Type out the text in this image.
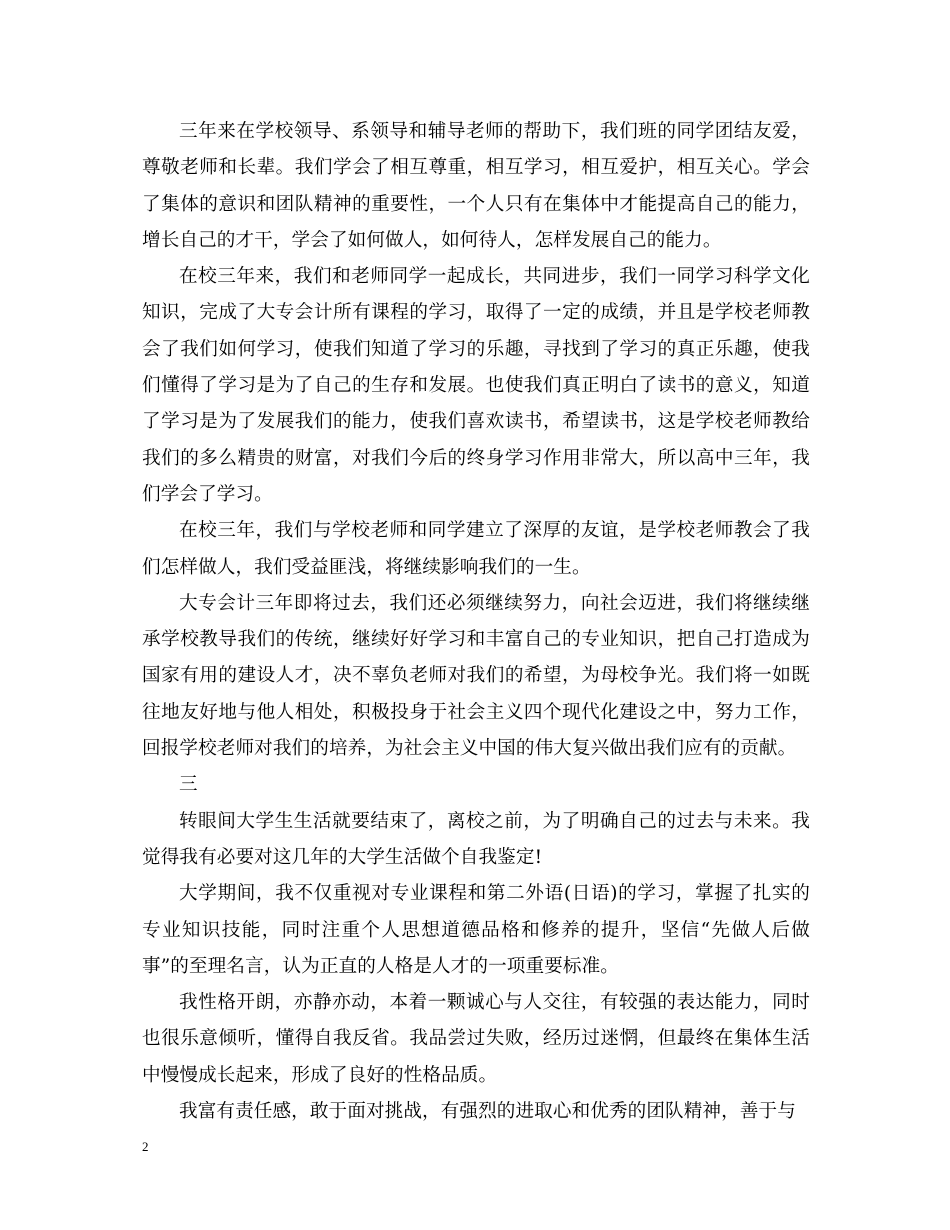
三年来在学校领导、系领导和辅导老师的帮助下，我们班的同学团结友爱，尊敬老师和长辈。我们学会了相互尊重，相互学习，相互爱护，相互关心。学会了集体的意识和团队精神的重要性，一个人只有在集体中才能提高自己的能力，增长自己的才干，学会了如何做人，如何待人，怎样发展自己的能力。

在校三年来，我们和老师同学一起成长，共同进步，我们一同学习科学文化知识，完成了大专会计所有课程的学习，取得了一定的成绩，并且是学校老师教会了我们如何学习，使我们知道了学习的乐趣，寻找到了学习的真正乐趣，使我们懂得了学习是为了自己的生存和发展。也使我们真正明白了读书的意义，知道了学习是为了发展我们的能力，使我们喜欢读书，希望读书，这是学校老师教给我们的多么精贵的财富，对我们今后的终身学习作用非常大，所以高中三年，我们学会了学习。

在校三年，我们与学校老师和同学建立了深厚的友谊，是学校老师教会了我们怎样做人，我们受益匪浅，将继续影响我们的一生。

大专会计三年即将过去，我们还必须继续努力，向社会迈进，我们将继续继承学校教导我们的传统，继续好好学习和丰富自己的专业知识，把自己打造成为国家有用的建设人才，决不辜负老师对我们的希望，为母校争光。我们将一如既往地友好地与他人相处，积极投身于社会主义四个现代化建设之中，努力工作，回报学校老师对我们的培养，为社会主义中国的伟大复兴做出我们应有的贡献。

三

转眼间大学生生活就要结束了，离校之前，为了明确自己的过去与未来。我觉得我有必要对这几年的大学生活做个自我鉴定!

大学期间，我不仅重视对专业课程和第二外语(日语)的学习，掌握了扎实的专业知识技能，同时注重个人思想道德品格和修养的提升，坚信“先做人后做事”的至理名言，认为正直的人格是人才的一项重要标准。

我性格开朗，亦静亦动，本着一颗诚心与人交往，有较强的表达能力，同时也很乐意倾听，懂得自我反省。我品尝过失败，经历过迷惘，但最终在集体生活中慢慢成长起来，形成了良好的性格品质。

我富有责任感，敢于面对挑战，有强烈的进取心和优秀的团队精神，善于与

2
